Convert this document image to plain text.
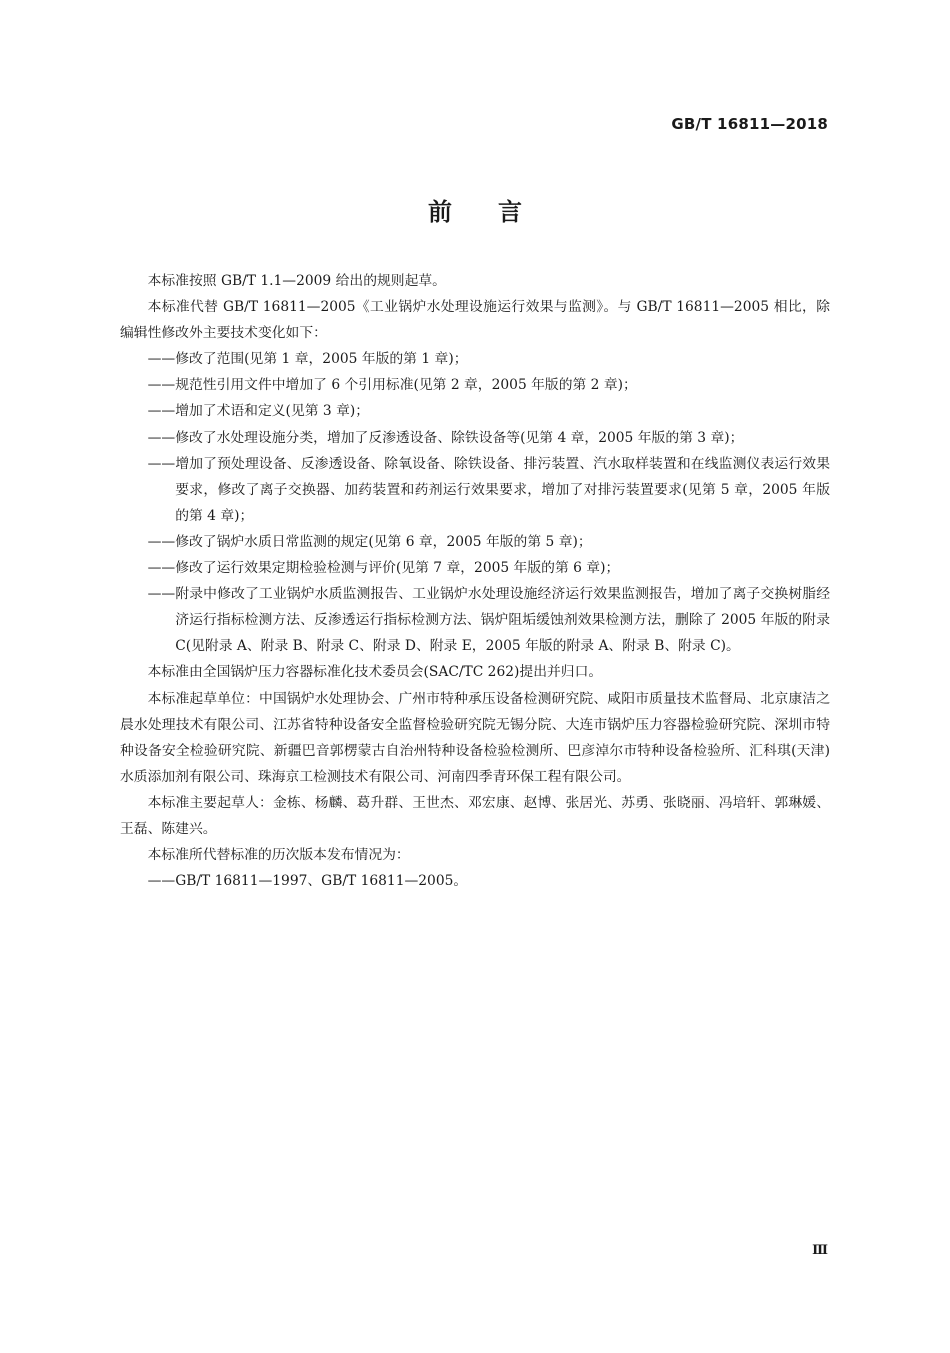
GB/T 16811—2018
前言

本标准按照 GB/T 1.1—2009 给出的规则起草。

本标准代替 GB/T 16811—2005《工业锅炉水处理设施运行效果与监测》。与 GB/T 16811—2005 相比，除编辑性修改外主要技术变化如下：

——修改了范围(见第 1 章，2005 年版的第 1 章)；

——规范性引用文件中增加了 6 个引用标准(见第 2 章，2005 年版的第 2 章)；

——增加了术语和定义(见第 3 章)；

——修改了水处理设施分类，增加了反渗透设备、除铁设备等(见第 4 章，2005 年版的第 3 章)；

——增加了预处理设备、反渗透设备、除氧设备、除铁设备、排污装置、汽水取样装置和在线监测仪表运行效果要求，修改了离子交换器、加药装置和药剂运行效果要求，增加了对排污装置要求(见第 5 章，2005 年版的第 4 章)；

——修改了锅炉水质日常监测的规定(见第 6 章，2005 年版的第 5 章)；

——修改了运行效果定期检验检测与评价(见第 7 章，2005 年版的第 6 章)；

——附录中修改了工业锅炉水质监测报告、工业锅炉水处理设施经济运行效果监测报告，增加了离子交换树脂经济运行指标检测方法、反渗透运行指标检测方法、锅炉阻垢缓蚀剂效果检测方法，删除了 2005 年版的附录 C(见附录 A、附录 B、附录 C、附录 D、附录 E，2005 年版的附录 A、附录 B、附录 C)。

本标准由全国锅炉压力容器标准化技术委员会(SAC/TC 262)提出并归口。

本标准起草单位：中国锅炉水处理协会、广州市特种承压设备检测研究院、咸阳市质量技术监督局、北京康洁之晨水处理技术有限公司、江苏省特种设备安全监督检验研究院无锡分院、大连市锅炉压力容器检验研究院、深圳市特种设备安全检验研究院、新疆巴音郭楞蒙古自治州特种设备检验检测所、巴彦淖尔市特种设备检验所、汇科琪(天津)水质添加剂有限公司、珠海京工检测技术有限公司、河南四季青环保工程有限公司。

本标准主要起草人：金栋、杨麟、葛升群、王世杰、邓宏康、赵博、张居光、苏勇、张晓丽、冯培轩、郭琳媛、王磊、陈建兴。

本标准所代替标准的历次版本发布情况为：

——GB/T 16811—1997、GB/T 16811—2005。

Ⅲ
